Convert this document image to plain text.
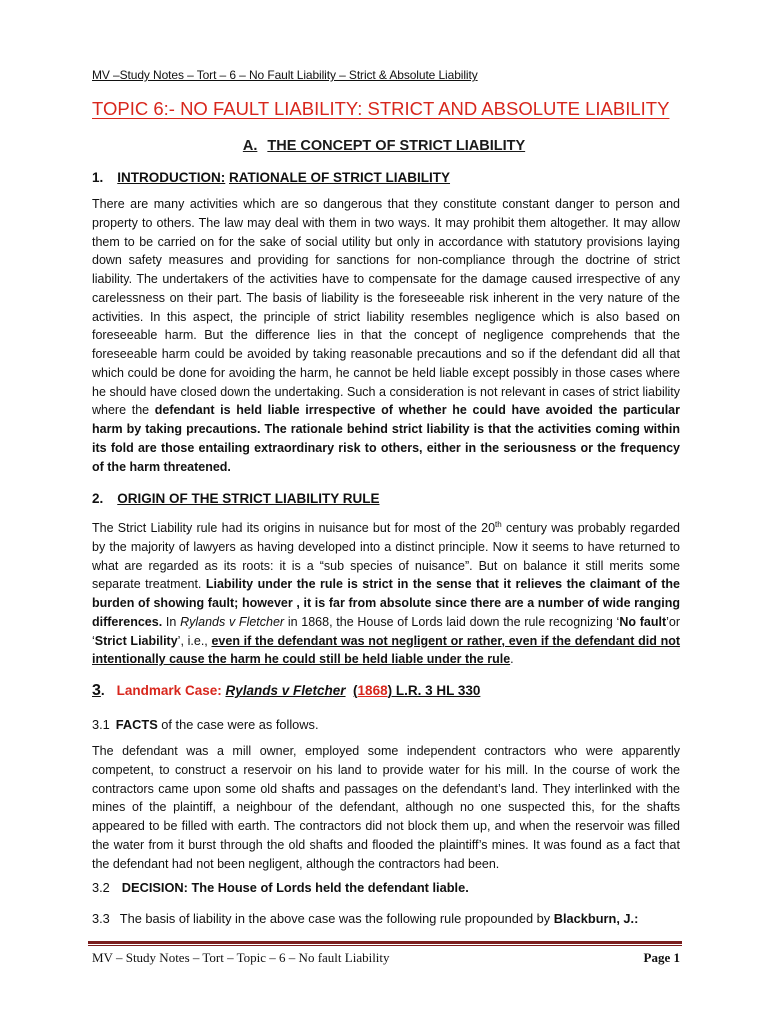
MV –Study Notes – Tort – 6 – No Fault Liability – Strict & Absolute Liability
TOPIC 6:- NO FAULT LIABILITY: STRICT AND ABSOLUTE LIABILITY
A. THE CONCEPT OF STRICT LIABILITY
1. INTRODUCTION: RATIONALE OF STRICT LIABILITY

There are many activities which are so dangerous that they constitute constant danger to person and property to others. The law may deal with them in two ways. It may prohibit them altogether. It may allow them to be carried on for the sake of social utility but only in accordance with statutory provisions laying down safety measures and providing for sanctions for non-compliance through the doctrine of strict liability. The undertakers of the activities have to compensate for the damage caused irrespective of any carelessness on their part. The basis of liability is the foreseeable risk inherent in the very nature of the activities. In this aspect, the principle of strict liability resembles negligence which is also based on foreseeable harm. But the difference lies in that the concept of negligence comprehends that the foreseeable harm could be avoided by taking reasonable precautions and so if the defendant did all that which could be done for avoiding the harm, he cannot be held liable except possibly in those cases where he should have closed down the undertaking. Such a consideration is not relevant in cases of strict liability where the defendant is held liable irrespective of whether he could have avoided the particular harm by taking precautions. The rationale behind strict liability is that the activities coming within its fold are those entailing extraordinary risk to others, either in the seriousness or the frequency of the harm threatened.

2. ORIGIN OF THE STRICT LIABILITY RULE

The Strict Liability rule had its origins in nuisance but for most of the 20th century was probably regarded by the majority of lawyers as having developed into a distinct principle. Now it seems to have returned to what are regarded as its roots: it is a “sub species of nuisance”. But on balance it still merits some separate treatment. Liability under the rule is strict in the sense that it relieves the claimant of the burden of showing fault; however , it is far from absolute since there are a number of wide ranging differences. In Rylands v Fletcher in 1868, the House of Lords laid down the rule recognizing ‘No fault’or ‘Strict Liability’, i.e., even if the defendant was not negligent or rather, even if the defendant did not intentionally cause the harm he could still be held liable under the rule.

3. Landmark Case: Rylands v Fletcher (1868) L.R. 3 HL 330

3.1 FACTS of the case were as follows.

The defendant was a mill owner, employed some independent contractors who were apparently competent, to construct a reservoir on his land to provide water for his mill. In the course of work the contractors came upon some old shafts and passages on the defendant’s land. They interlinked with the mines of the plaintiff, a neighbour of the defendant, although no one suspected this, for the shafts appeared to be filled with earth. The contractors did not block them up, and when the reservoir was filled the water from it burst through the old shafts and flooded the plaintiff’s mines. It was found as a fact that the defendant had not been negligent, although the contractors had been.

3.2 DECISION: The House of Lords held the defendant liable.

3.3 The basis of liability in the above case was the following rule propounded by Blackburn, J.:

MV – Study Notes – Tort – Topic – 6 – No fault Liability	Page 1
